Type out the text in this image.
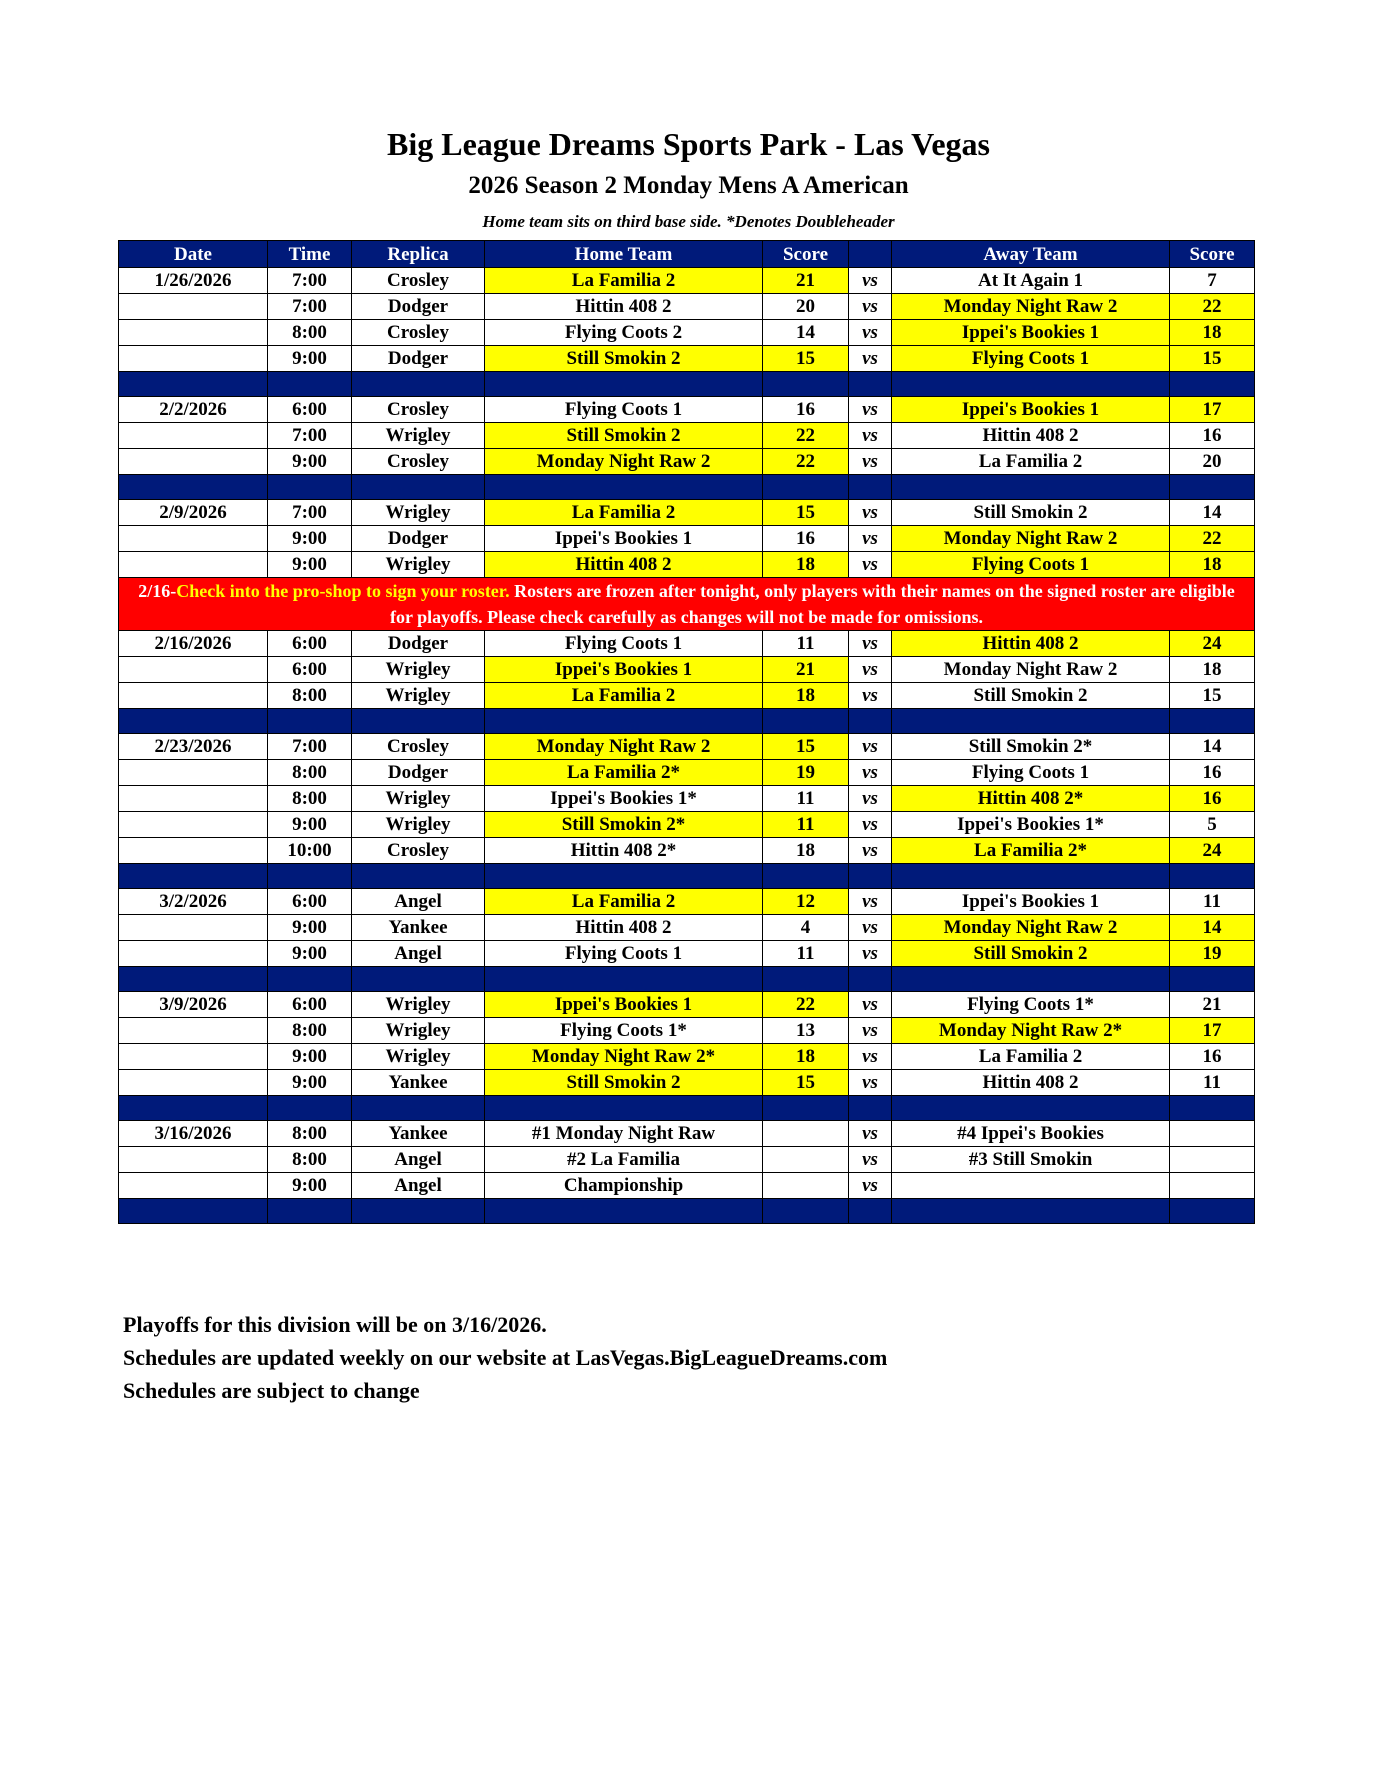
Big League Dreams Sports Park - Las Vegas
2026 Season 2 Monday Mens A American
Home team sits on third base side. *Denotes Doubleheader
Date	Time	Replica	Home Team	Score		Away Team	Score
1/26/2026	7:00	Crosley	La Familia 2	21	vs	At It Again 1	7
	7:00	Dodger	Hittin 408 2	20	vs	Monday Night Raw 2	22
	8:00	Crosley	Flying Coots 2	14	vs	Ippei's Bookies 1	18
	9:00	Dodger	Still Smokin 2	15	vs	Flying Coots 1	15

2/2/2026	6:00	Crosley	Flying Coots 1	16	vs	Ippei's Bookies 1	17
	7:00	Wrigley	Still Smokin 2	22	vs	Hittin 408 2	16
	9:00	Crosley	Monday Night Raw 2	22	vs	La Familia 2	20

2/9/2026	7:00	Wrigley	La Familia 2	15	vs	Still Smokin 2	14
	9:00	Dodger	Ippei's Bookies 1	16	vs	Monday Night Raw 2	22
	9:00	Wrigley	Hittin 408 2	18	vs	Flying Coots 1	18
2/16-Check into the pro-shop to sign your roster. Rosters are frozen after tonight, only players with their names on the signed roster are eligible for playoffs. Please check carefully as changes will not be made for omissions.							
2/16/2026	6:00	Dodger	Flying Coots 1	11	vs	Hittin 408 2	24
	6:00	Wrigley	Ippei's Bookies 1	21	vs	Monday Night Raw 2	18
	8:00	Wrigley	La Familia 2	18	vs	Still Smokin 2	15

2/23/2026	7:00	Crosley	Monday Night Raw 2	15	vs	Still Smokin 2*	14
	8:00	Dodger	La Familia 2*	19	vs	Flying Coots 1	16
	8:00	Wrigley	Ippei's Bookies 1*	11	vs	Hittin 408 2*	16
	9:00	Wrigley	Still Smokin 2*	11	vs	Ippei's Bookies 1*	5
	10:00	Crosley	Hittin 408 2*	18	vs	La Familia 2*	24

3/2/2026	6:00	Angel	La Familia 2	12	vs	Ippei's Bookies 1	11
	9:00	Yankee	Hittin 408 2	4	vs	Monday Night Raw 2	14
	9:00	Angel	Flying Coots 1	11	vs	Still Smokin 2	19

3/9/2026	6:00	Wrigley	Ippei's Bookies 1	22	vs	Flying Coots 1*	21
	8:00	Wrigley	Flying Coots 1*	13	vs	Monday Night Raw 2*	17
	9:00	Wrigley	Monday Night Raw 2*	18	vs	La Familia 2	16
	9:00	Yankee	Still Smokin 2	15	vs	Hittin 408 2	11

3/16/2026	8:00	Yankee	#1 Monday Night Raw		vs	#4 Ippei's Bookies	
	8:00	Angel	#2 La Familia		vs	#3 Still Smokin	
	9:00	Angel	Championship		vs		

Playoffs for this division will be on 3/16/2026.
Schedules are updated weekly on our website at LasVegas.BigLeagueDreams.com
Schedules are subject to change
